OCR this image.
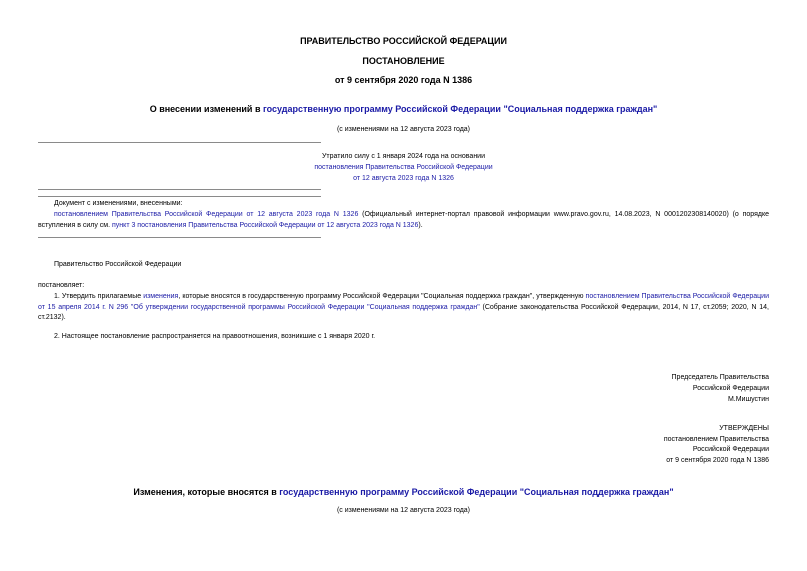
ПРАВИТЕЛЬСТВО РОССИЙСКОЙ ФЕДЕРАЦИИ
ПОСТАНОВЛЕНИЕ
от 9 сентября 2020 года N 1386
О внесении изменений в государственную программу Российской Федерации "Социальная поддержка граждан"
(с изменениями на 12 августа 2023 года)
Утратило силу с 1 января 2024 года на основании
постановления Правительства Российской Федерации
от 12 августа 2023 года N 1326
Документ с изменениями, внесенными:
постановлением Правительства Российской Федерации от 12 августа 2023 года N 1326 (Официальный интернет-портал правовой информации www.pravo.gov.ru, 14.08.2023, N 0001202308140020) (о порядке вступления в силу см. пункт 3 постановления Правительства Российской Федерации от 12 августа 2023 года N 1326).
Правительство Российской Федерации
постановляет:
1. Утвердить прилагаемые изменения, которые вносятся в государственную программу Российской Федерации "Социальная поддержка граждан", утвержденную постановлением Правительства Российской Федерации от 15 апреля 2014 г. N 296 "Об утверждении государственной программы Российской Федерации "Социальная поддержка граждан" (Собрание законодательства Российской Федерации, 2014, N 17, ст.2059; 2020, N 14, ст.2132).
2. Настоящее постановление распространяется на правоотношения, возникшие с 1 января 2020 г.
Председатель Правительства
Российской Федерации
М.Мишустин
УТВЕРЖДЕНЫ
постановлением Правительства
Российской Федерации
от 9 сентября 2020 года N 1386
Изменения, которые вносятся в государственную программу Российской Федерации "Социальная поддержка граждан"
(с изменениями на 12 августа 2023 года)
